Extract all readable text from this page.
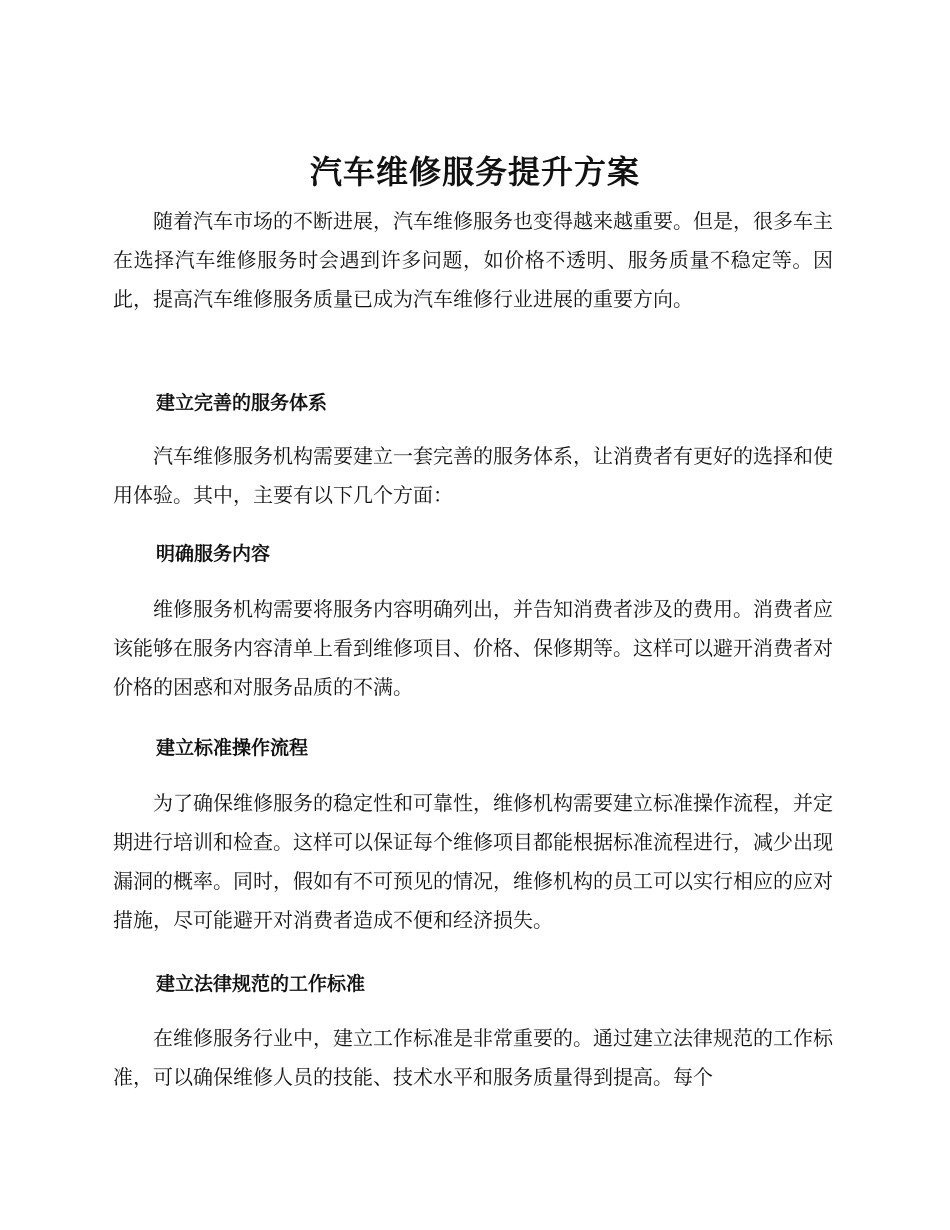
汽车维修服务提升方案

随着汽车市场的不断进展，汽车维修服务也变得越来越重要。但是，很多车主在选择汽车维修服务时会遇到许多问题，如价格不透明、服务质量不稳定等。因此，提高汽车维修服务质量已成为汽车维修行业进展的重要方向。

建立完善的服务体系

汽车维修服务机构需要建立一套完善的服务体系，让消费者有更好的选择和使用体验。其中，主要有以下几个方面：

明确服务内容

维修服务机构需要将服务内容明确列出，并告知消费者涉及的费用。消费者应该能够在服务内容清单上看到维修项目、价格、保修期等。这样可以避开消费者对价格的困惑和对服务品质的不满。

建立标准操作流程

为了确保维修服务的稳定性和可靠性，维修机构需要建立标准操作流程，并定期进行培训和检查。这样可以保证每个维修项目都能根据标准流程进行，减少出现漏洞的概率。同时，假如有不可预见的情况，维修机构的员工可以实行相应的应对措施，尽可能避开对消费者造成不便和经济损失。

建立法律规范的工作标准

在维修服务行业中，建立工作标准是非常重要的。通过建立法律规范的工作标准，可以确保维修人员的技能、技术水平和服务质量得到提高。每个
